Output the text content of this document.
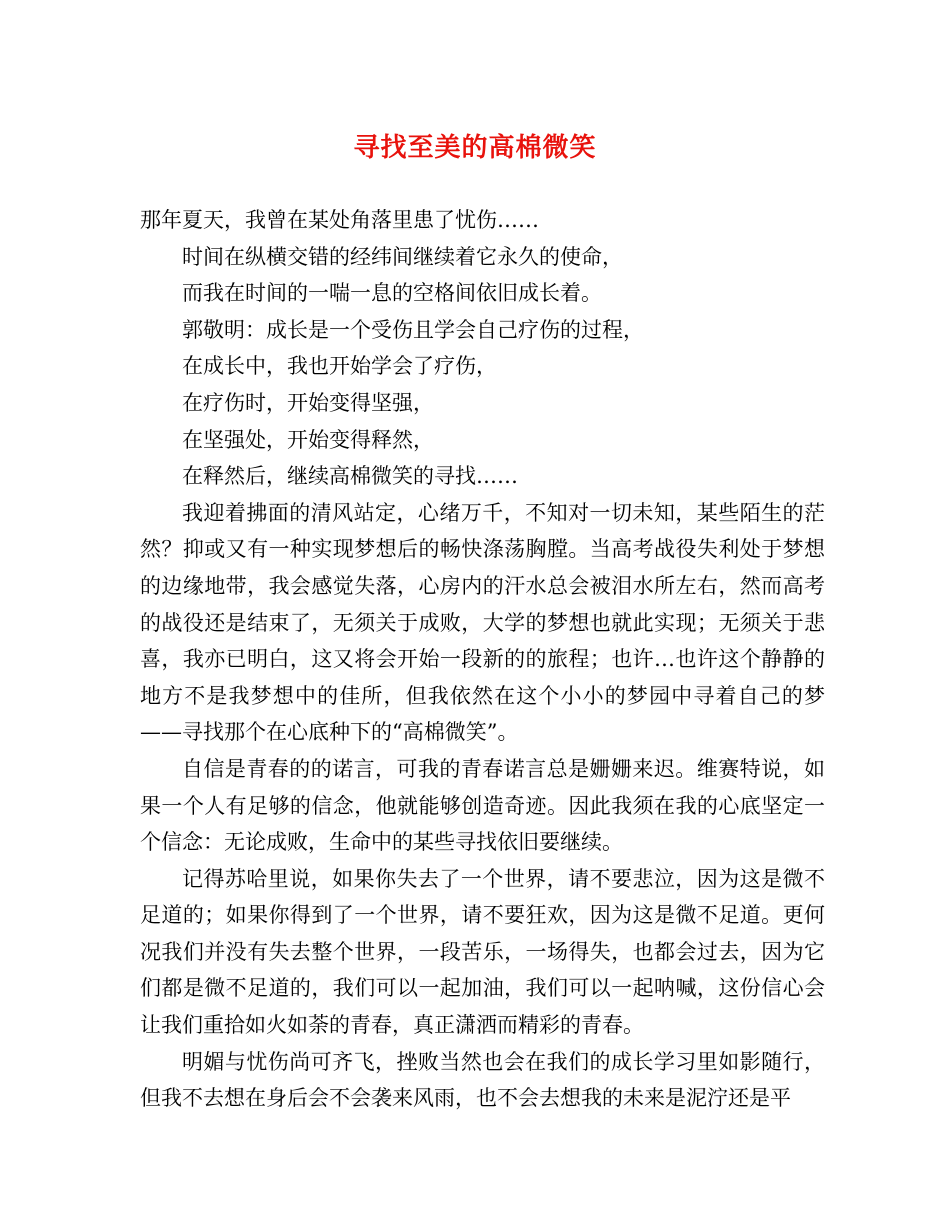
寻找至美的高棉微笑
那年夏天，我曾在某处角落里患了忧伤……
时间在纵横交错的经纬间继续着它永久的使命，
而我在时间的一喘一息的空格间依旧成长着。
郭敬明：成长是一个受伤且学会自己疗伤的过程，
在成长中，我也开始学会了疗伤，
在疗伤时，开始变得坚强，
在坚强处，开始变得释然，
在释然后，继续高棉微笑的寻找……

我迎着拂面的清风站定，心绪万千，不知对一切未知，某些陌生的茫然？抑或又有一种实现梦想后的畅快涤荡胸膛。当高考战役失利处于梦想的边缘地带，我会感觉失落，心房内的汗水总会被泪水所左右，然而高考的战役还是结束了，无须关于成败，大学的梦想也就此实现；无须关于悲喜，我亦已明白，这又将会开始一段新的的旅程；也许…也许这个静静的地方不是我梦想中的佳所，但我依然在这个小小的梦园中寻着自己的梦——寻找那个在心底种下的“高棉微笑”。

自信是青春的的诺言，可我的青春诺言总是姗姗来迟。维赛特说，如果一个人有足够的信念，他就能够创造奇迹。因此我须在我的心底坚定一个信念：无论成败，生命中的某些寻找依旧要继续。

记得苏哈里说，如果你失去了一个世界，请不要悲泣，因为这是微不足道的；如果你得到了一个世界，请不要狂欢，因为这是微不足道。更何况我们并没有失去整个世界，一段苦乐，一场得失，也都会过去，因为它们都是微不足道的，我们可以一起加油，我们可以一起呐喊，这份信心会让我们重拾如火如荼的青春，真正潇洒而精彩的青春。

明媚与忧伤尚可齐飞，挫败当然也会在我们的成长学习里如影随行，但我不去想在身后会不会袭来风雨，也不会去想我的未来是泥泞还是平
